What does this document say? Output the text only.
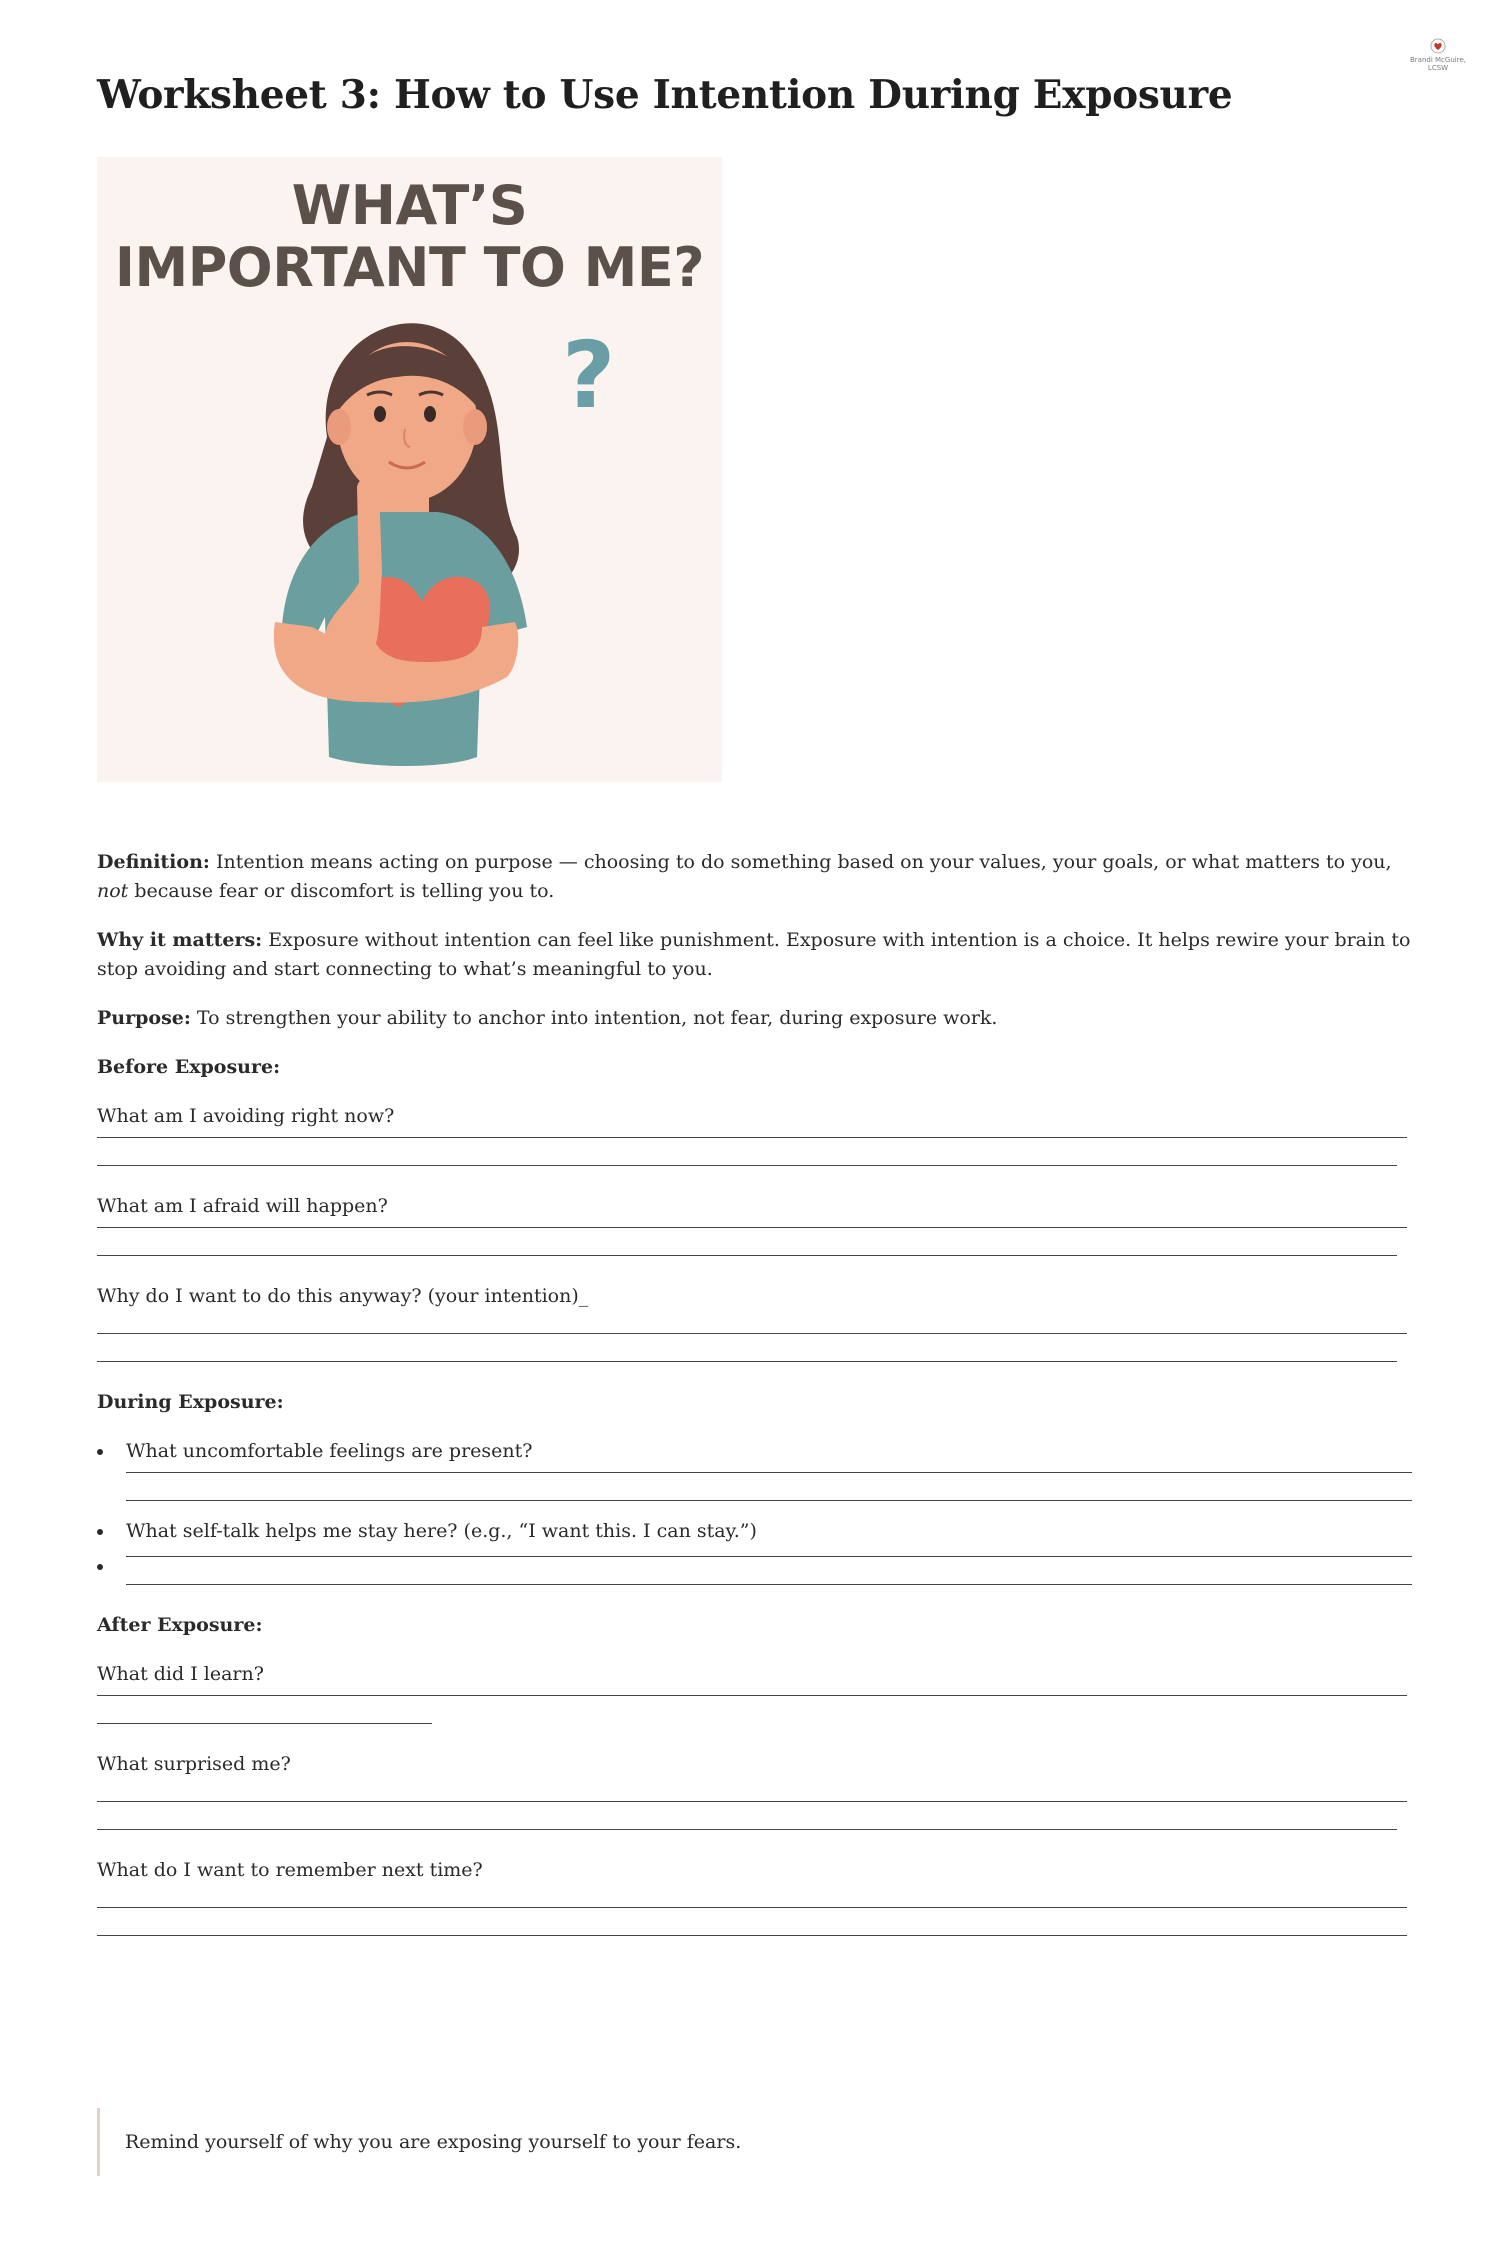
Brandi McGuire, LCSW
Worksheet 3: How to Use Intention During Exposure
WHAT’S
IMPORTANT TO ME?
?

Definition: Intention means acting on purpose — choosing to do something based on your values, your goals, or what matters to you, not because fear or discomfort is telling you to.

Why it matters: Exposure without intention can feel like punishment. Exposure with intention is a choice. It helps rewire your brain to stop avoiding and start connecting to what’s meaningful to you.

Purpose: To strengthen your ability to anchor into intention, not fear, during exposure work.

Before Exposure:
What am I avoiding right now?
What am I afraid will happen?
Why do I want to do this anyway? (your intention)_
During Exposure:
What uncomfortable feelings are present?
What self-talk helps me stay here? (e.g., “I want this. I can stay.”)
After Exposure:
What did I learn?
What surprised me?
What do I want to remember next time?
Remind yourself of why you are exposing yourself to your fears.
